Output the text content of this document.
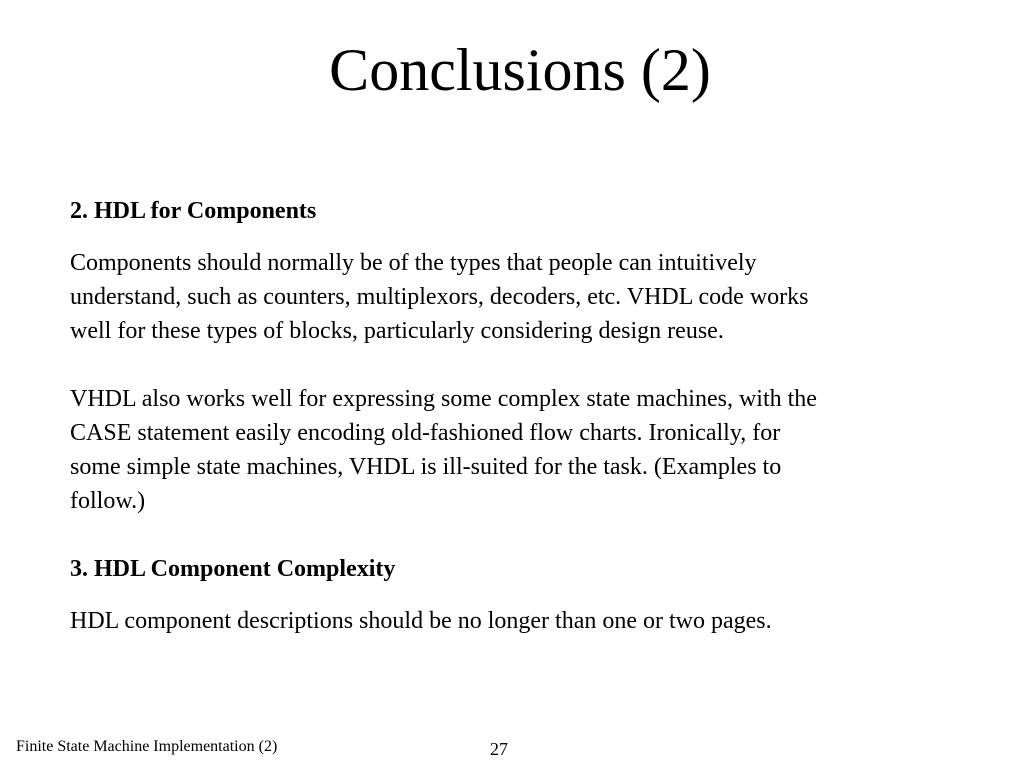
Conclusions (2)
2. HDL for Components
Components should normally be of the types that people can intuitively
understand, such as counters, multiplexors, decoders, etc. VHDL code works
well for these types of blocks, particularly considering design reuse.
VHDL also works well for expressing some complex state machines, with the
CASE statement easily encoding old-fashioned flow charts. Ironically, for
some simple state machines, VHDL is ill-suited for the task. (Examples to
follow.)
3. HDL Component Complexity
HDL component descriptions should be no longer than one or two pages.
Finite State Machine Implementation (2)	27
